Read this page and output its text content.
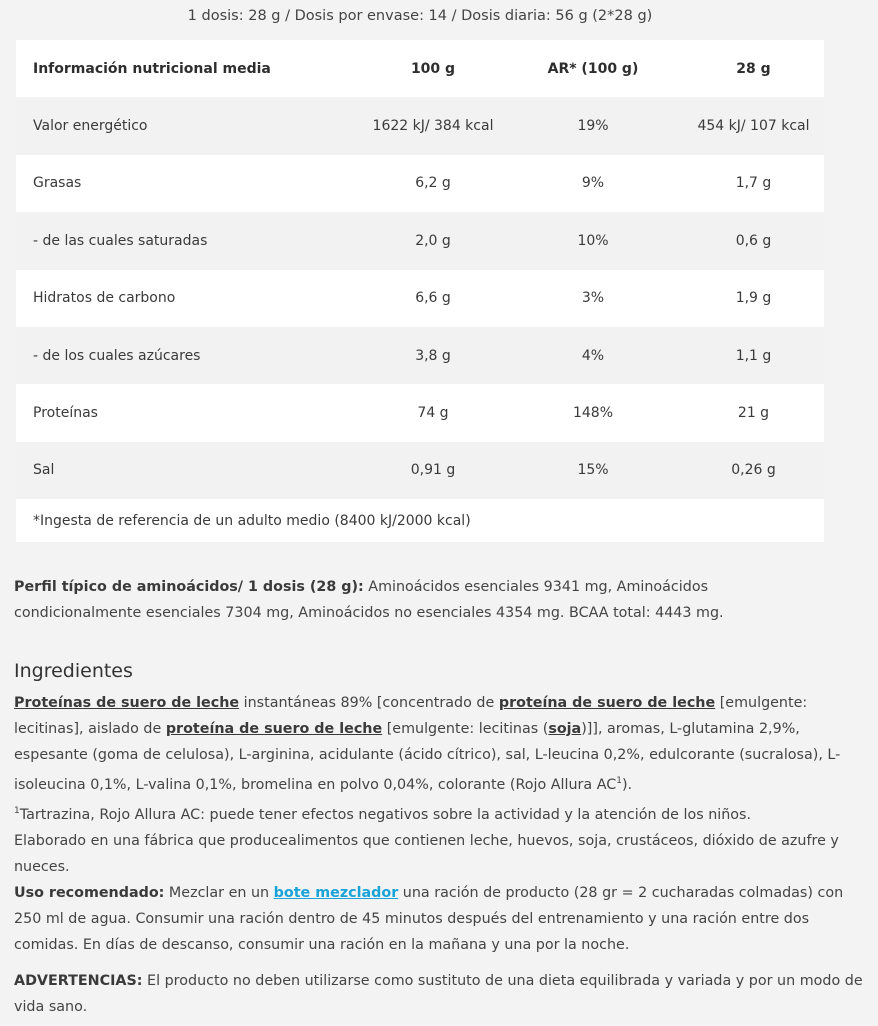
1 dosis: 28 g / Dosis por envase: 14 / Dosis diaria: 56 g (2*28 g)
Información nutricional media	100 g	AR* (100 g)	28 g
Valor energético	1622 kJ/ 384 kcal	19%	454 kJ/ 107 kcal
Grasas	6,2 g	9%	1,7 g
- de las cuales saturadas	2,0 g	10%	0,6 g
Hidratos de carbono	6,6 g	3%	1,9 g
- de los cuales azúcares	3,8 g	4%	1,1 g
Proteínas	74 g	148%	21 g
Sal	0,91 g	15%	0,26 g
*Ingesta de referencia de un adulto medio (8400 kJ/2000 kcal)			
Perfil típico de aminoácidos/ 1 dosis (28 g): Aminoácidos esenciales 9341 mg, Aminoácidos condicionalmente esenciales 7304 mg, Aminoácidos no esenciales 4354 mg. BCAA total: 4443 mg.
Ingredientes
Proteínas de suero de leche instantáneas 89% [concentrado de proteína de suero de leche [emulgente: lecitinas], aislado de proteína de suero de leche [emulgente: lecitinas (soja)]], aromas, L-glutamina 2,9%, espesante (goma de celulosa), L-arginina, acidulante (ácido cítrico), sal, L-leucina 0,2%, edulcorante (sucralosa), L-isoleucina 0,1%, L-valina 0,1%, bromelina en polvo 0,04%, colorante (Rojo Allura $AC^1$).
$^1$Tartrazina, Rojo Allura AC: puede tener efectos negativos sobre la actividad y la atención de los niños.
Elaborado en una fábrica que producealimentos que contienen leche, huevos, soja, crustáceos, dióxido de azufre y nueces.
Uso recomendado: Mezclar en un bote mezclador una ración de producto (28 gr = 2 cucharadas colmadas) con 250 ml de agua. Consumir una ración dentro de 45 minutos después del entrenamiento y una ración entre dos comidas. En días de descanso, consumir una ración en la mañana y una por la noche.
ADVERTENCIAS: El producto no deben utilizarse como sustituto de una dieta equilibrada y variada y por un modo de vida sano.
